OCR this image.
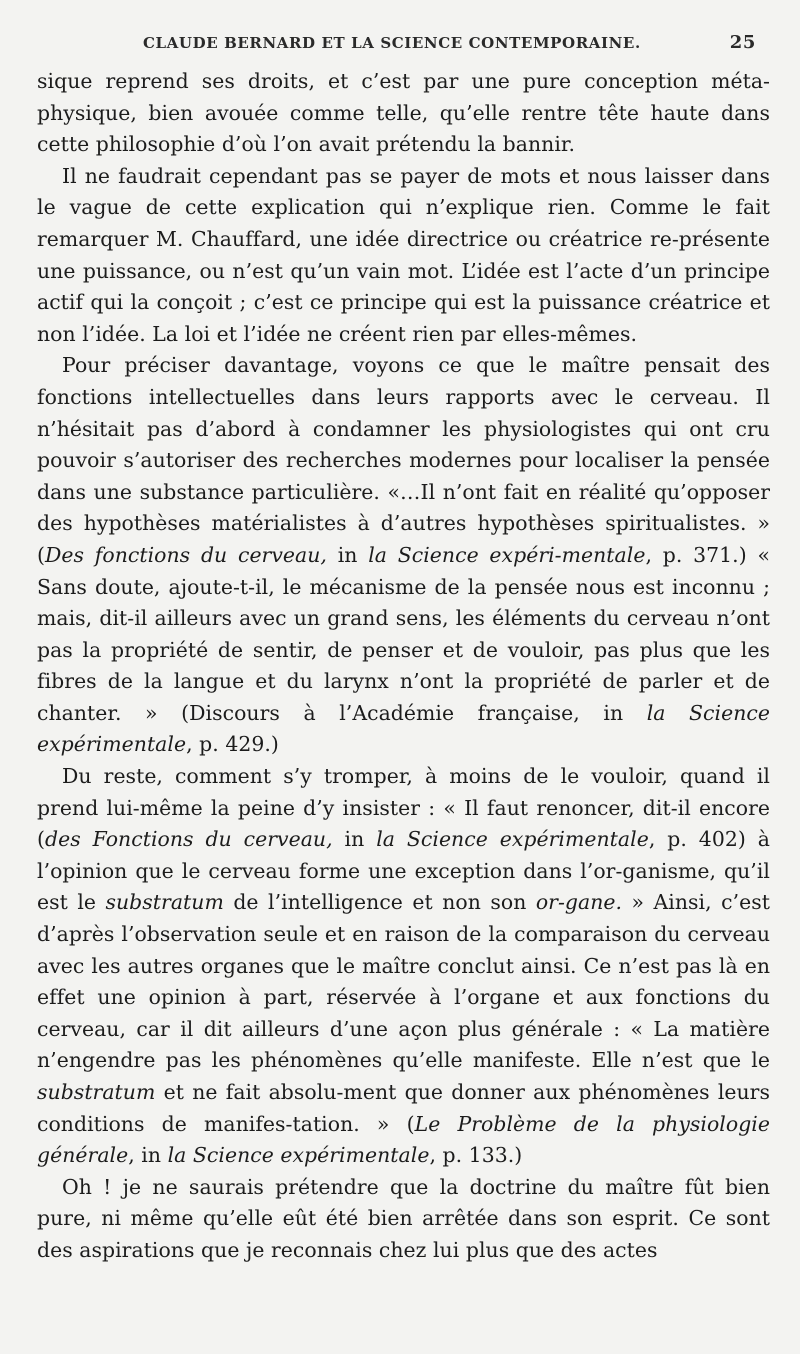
CLAUDE BERNARD ET LA SCIENCE CONTEMPORAINE.	25

sique reprend ses droits, et c’est par une pure conception méta-physique, bien avouée comme telle, qu’elle rentre tête haute dans cette philosophie d’où l’on avait prétendu la bannir.

Il ne faudrait cependant pas se payer de mots et nous laisser dans le vague de cette explication qui n’explique rien. Comme le fait remarquer M. Chauffard, une idée directrice ou créatrice re-présente une puissance, ou n’est qu’un vain mot. L’idée est l’acte d’un principe actif qui la conçoit ; c’est ce principe qui est la puissance créatrice et non l’idée. La loi et l’idée ne créent rien par elles-mêmes.

Pour préciser davantage, voyons ce que le maître pensait des fonctions intellectuelles dans leurs rapports avec le cerveau. Il n’hésitait pas d’abord à condamner les physiologistes qui ont cru pouvoir s’autoriser des recherches modernes pour localiser la pensée dans une substance particulière. «…Il n’ont fait en réalité qu’opposer des hypothèses matérialistes à d’autres hypothèses spiritualistes. » (Des fonctions du cerveau, in la Science expéri-mentale, p. 371.) « Sans doute, ajoute-t-il, le mécanisme de la pensée nous est inconnu ; mais, dit-il ailleurs avec un grand sens, les éléments du cerveau n’ont pas la propriété de sentir, de penser et de vouloir, pas plus que les fibres de la langue et du larynx n’ont la propriété de parler et de chanter. » (Discours à l’Académie française, in la Science expérimentale, p. 429.)

Du reste, comment s’y tromper, à moins de le vouloir, quand il prend lui-même la peine d’y insister : « Il faut renoncer, dit-il encore (des Fonctions du cerveau, in la Science expérimentale, p. 402) à l’opinion que le cerveau forme une exception dans l’or-ganisme, qu’il est le substratum de l’intelligence et non son or-gane. » Ainsi, c’est d’après l’observation seule et en raison de la comparaison du cerveau avec les autres organes que le maître conclut ainsi. Ce n’est pas là en effet une opinion à part, réservée à l’organe et aux fonctions du cerveau, car il dit ailleurs d’une açon plus générale : « La matière n’engendre pas les phénomènes qu’elle manifeste. Elle n’est que le substratum et ne fait absolu-ment que donner aux phénomènes leurs conditions de manifes-tation. » (Le Problème de la physiologie générale, in la Science expérimentale, p. 133.)

Oh ! je ne saurais prétendre que la doctrine du maître fût bien pure, ni même qu’elle eût été bien arrêtée dans son esprit. Ce sont des aspirations que je reconnais chez lui plus que des actes
